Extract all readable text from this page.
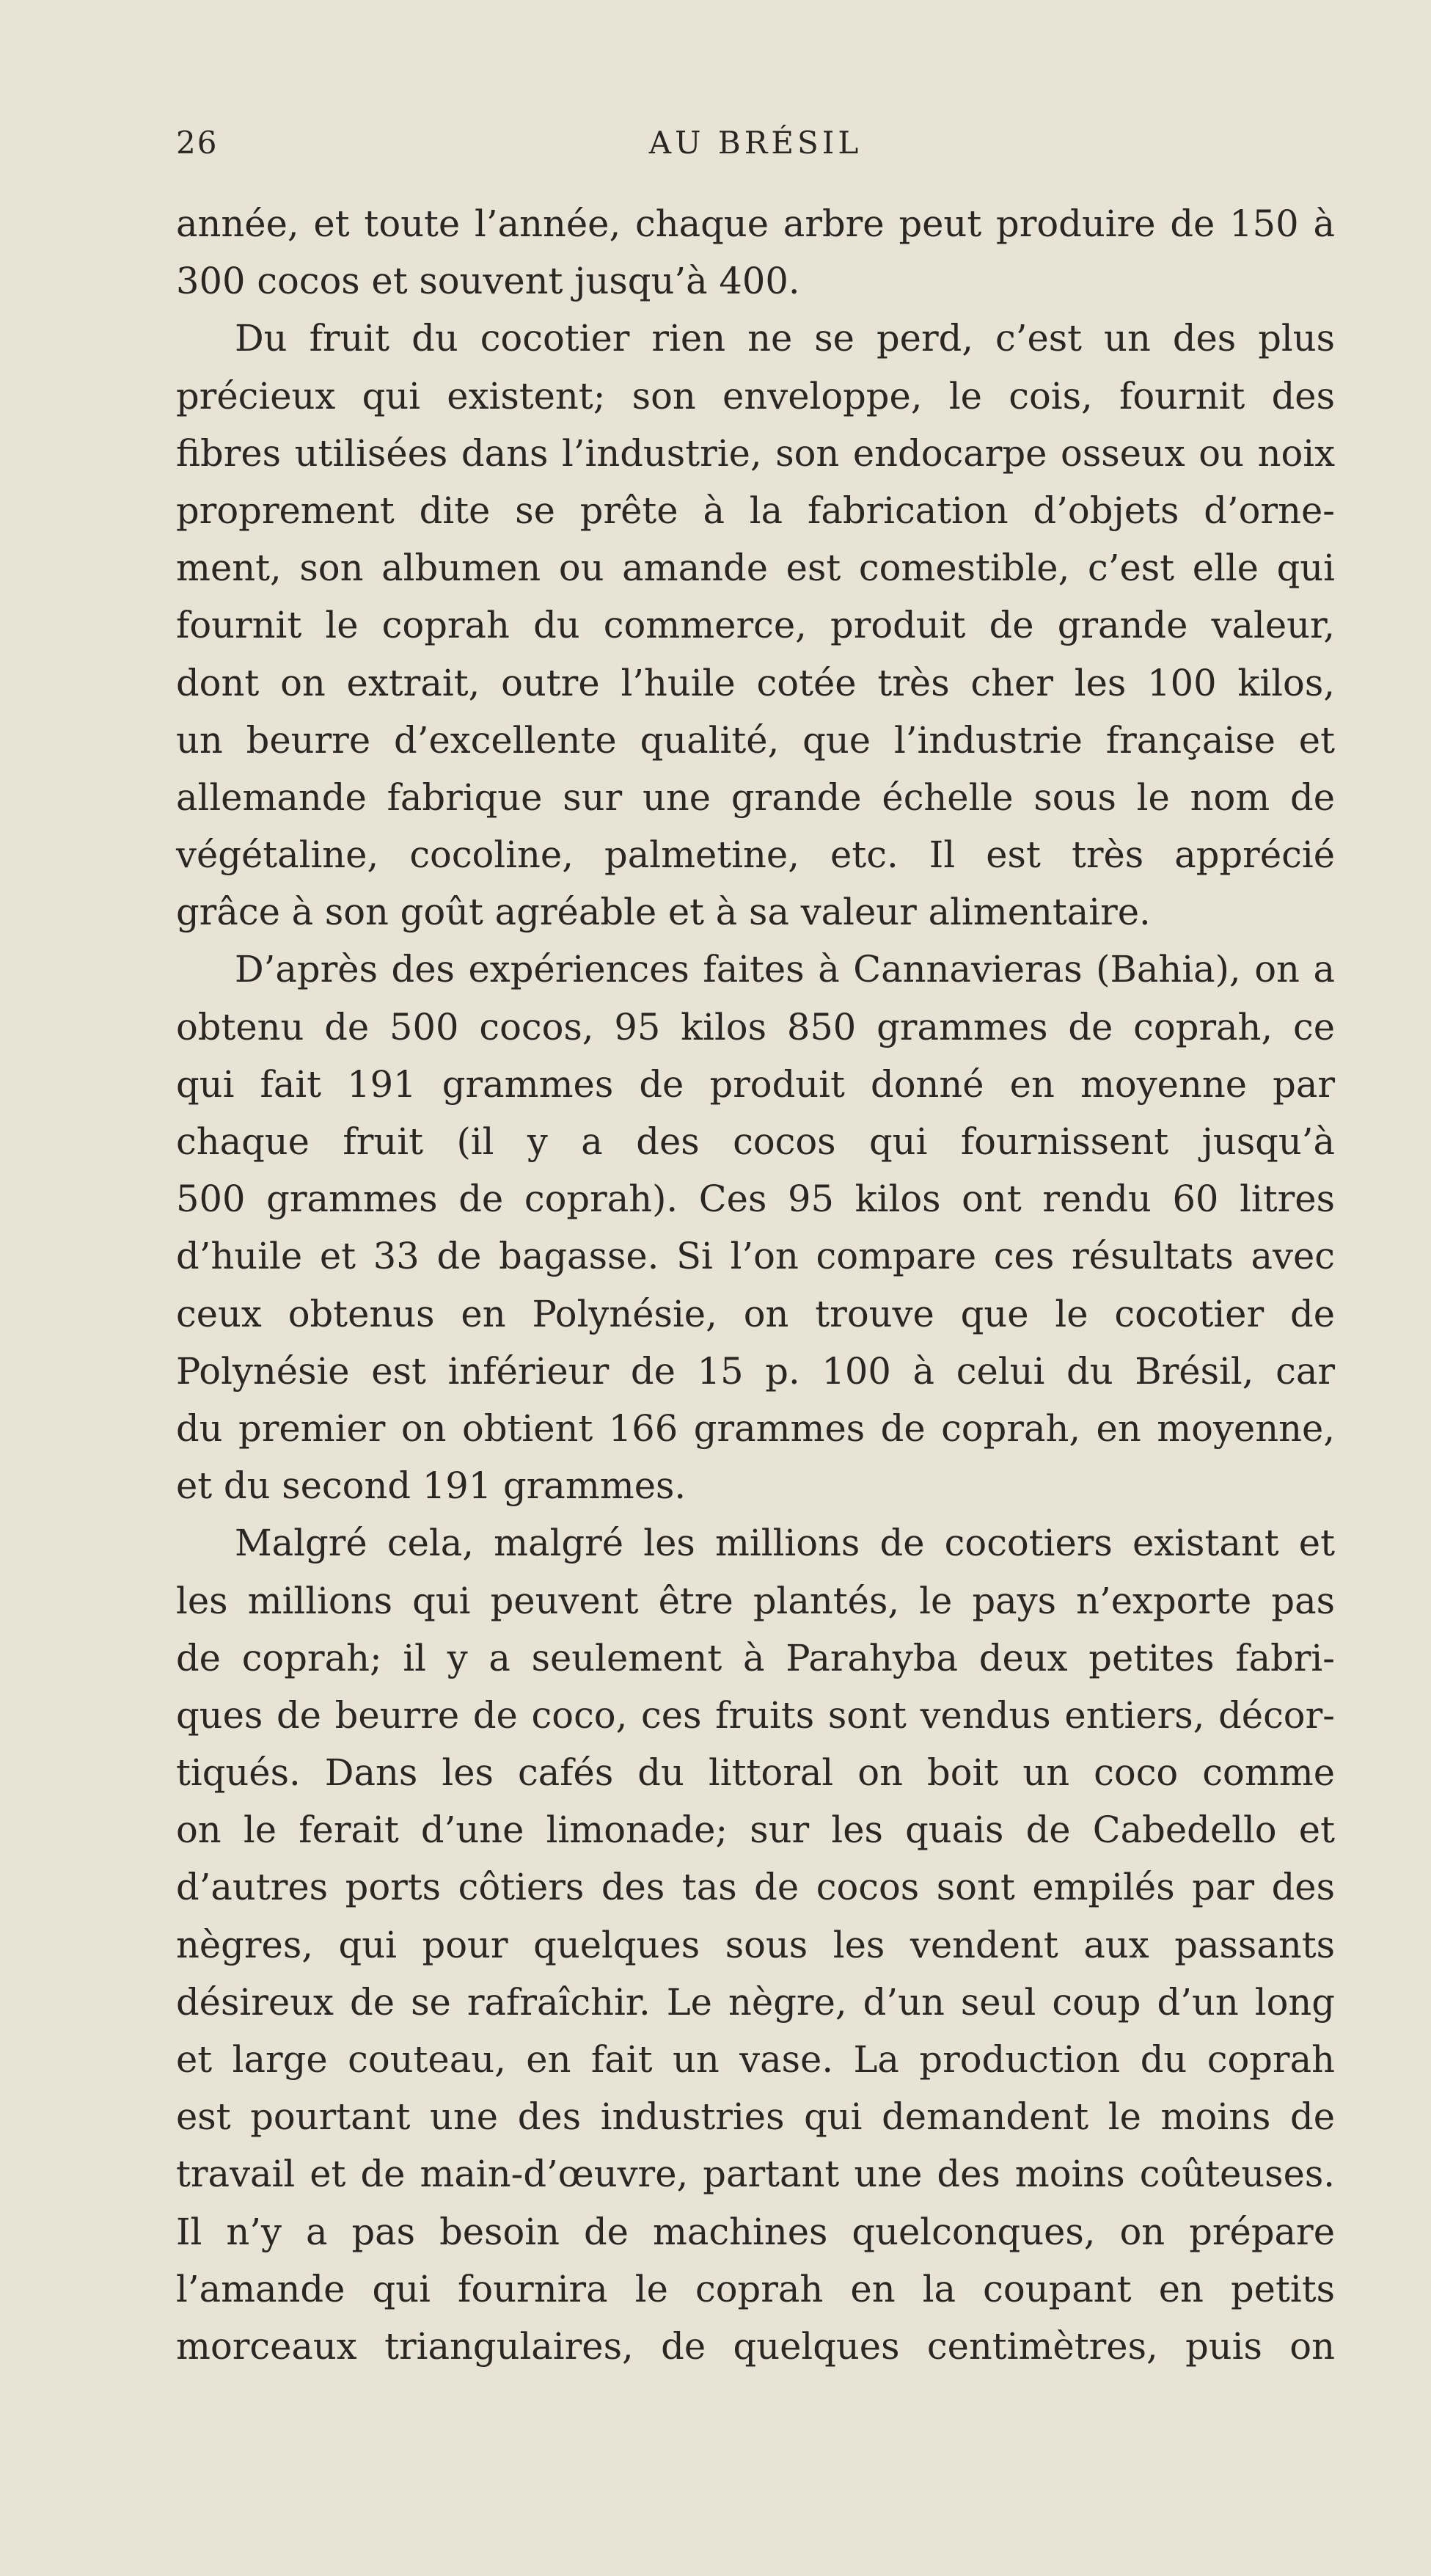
26	AU BRÉSIL
année, et toute l’année, chaque arbre peut produire de 150 à
300 cocos et souvent jusqu’à 400.
Du fruit du cocotier rien ne se perd, c’est un des plus
précieux qui existent; son enveloppe, le cois, fournit des
fibres utilisées dans l’industrie, son endocarpe osseux ou noix
proprement dite se prête à la fabrication d’objets d’orne-
ment, son albumen ou amande est comestible, c’est elle qui
fournit le coprah du commerce, produit de grande valeur,
dont on extrait, outre l’huile cotée très cher les 100 kilos,
un beurre d’excellente qualité, que l’industrie française et
allemande fabrique sur une grande échelle sous le nom de
végétaline, cocoline, palmetine, etc. Il est très apprécié
grâce à son goût agréable et à sa valeur alimentaire.
D’après des expériences faites à Cannavieras (Bahia), on a
obtenu de 500 cocos, 95 kilos 850 grammes de coprah, ce
qui fait 191 grammes de produit donné en moyenne par
chaque fruit (il y a des cocos qui fournissent jusqu’à
500 grammes de coprah). Ces 95 kilos ont rendu 60 litres
d’huile et 33 de bagasse. Si l’on compare ces résultats avec
ceux obtenus en Polynésie, on trouve que le cocotier de
Polynésie est inférieur de 15 p. 100 à celui du Brésil, car
du premier on obtient 166 grammes de coprah, en moyenne,
et du second 191 grammes.
Malgré cela, malgré les millions de cocotiers existant et
les millions qui peuvent être plantés, le pays n’exporte pas
de coprah; il y a seulement à Parahyba deux petites fabri-
ques de beurre de coco, ces fruits sont vendus entiers, décor-
tiqués. Dans les cafés du littoral on boit un coco comme
on le ferait d’une limonade; sur les quais de Cabedello et
d’autres ports côtiers des tas de cocos sont empilés par des
nègres, qui pour quelques sous les vendent aux passants
désireux de se rafraîchir. Le nègre, d’un seul coup d’un long
et large couteau, en fait un vase. La production du coprah
est pourtant une des industries qui demandent le moins de
travail et de main-d’œuvre, partant une des moins coûteuses.
Il n’y a pas besoin de machines quelconques, on prépare
l’amande qui fournira le coprah en la coupant en petits
morceaux triangulaires, de quelques centimètres, puis on
